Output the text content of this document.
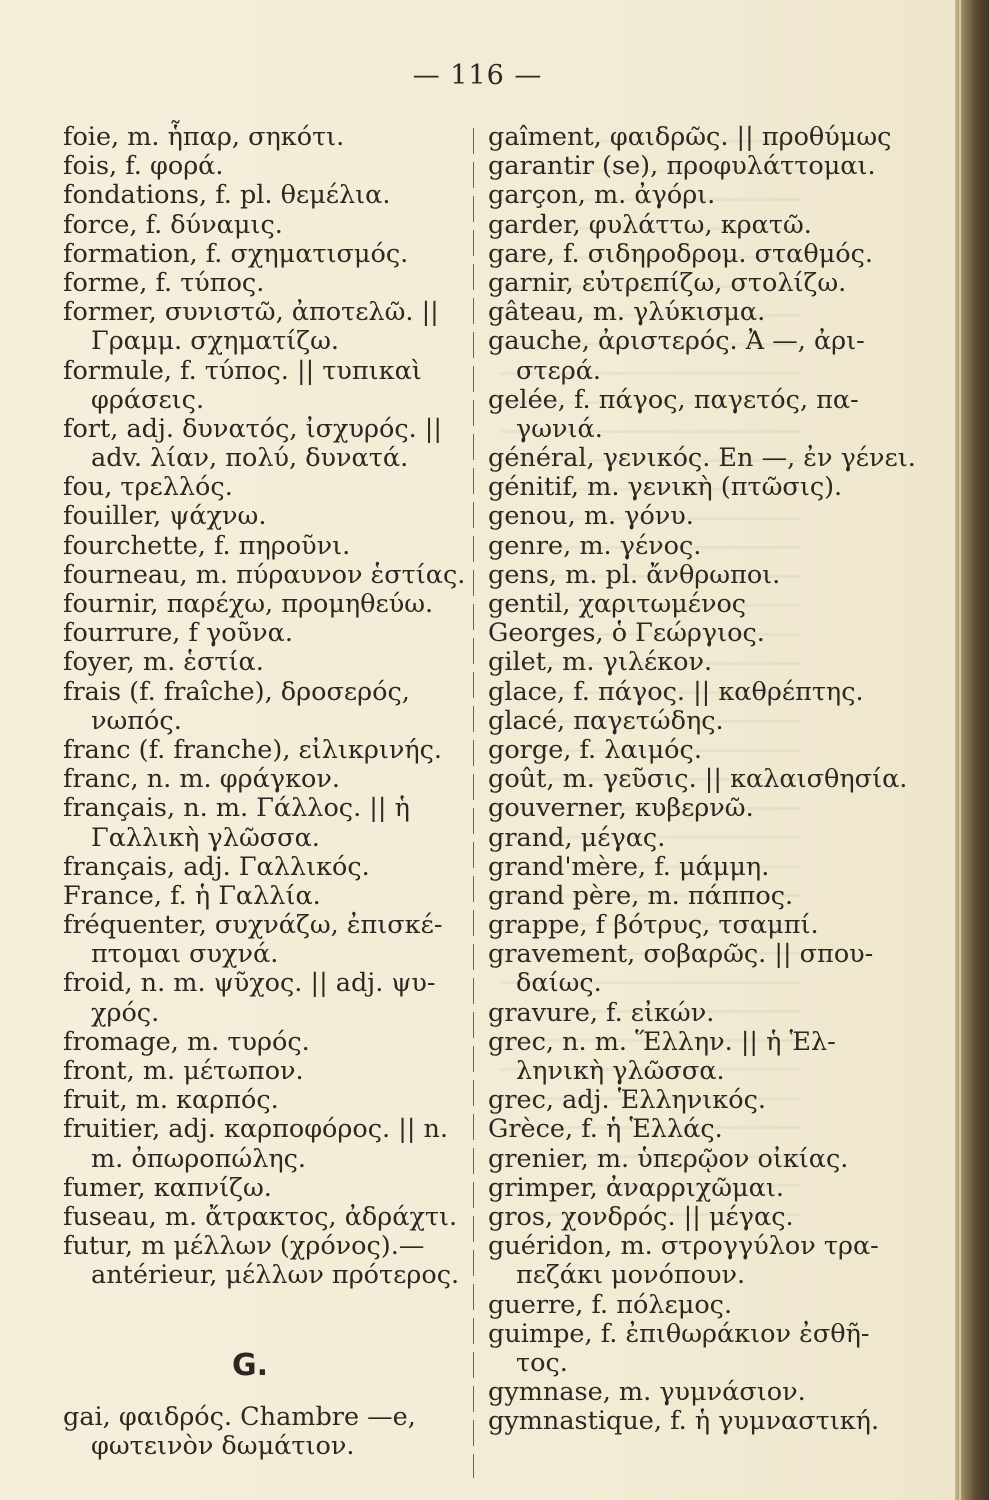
— 116 —
foie, m. ἧπαρ, σηκότι.
fois, f. φορά.
fondations, f. pl. θεμέλια.
force, f. δύναμις.
formation, f. σχηματισμός.
forme, f. τύπος.
former, συνιστῶ, ἀποτελῶ. ||
Γραμμ. σχηματίζω.
formule, f. τύπος. || τυπικαὶ
φράσεις.
fort, adj. δυνατός, ἰσχυρός. ||
adv. λίαν, πολύ, δυνατά.
fou, τρελλός.
fouiller, ψάχνω.
fourchette, f. πηροῦνι.
fourneau, m. πύραυνον ἑστίας.
fournir, παρέχω, προμηθεύω.
fourrure, f γοῦνα.
foyer, m. ἑστία.
frais (f. fraîche), δροσερός,
νωπός.
franc (f. franche), εἰλικρινής.
franc, n. m. φράγκον.
français, n. m. Γάλλος. || ἡ
Γαλλικὴ γλῶσσα.
français, adj. Γαλλικός.
France, f. ἡ Γαλλία.
fréquenter, συχνάζω, ἐπισκέ-
πτομαι συχνά.
froid, n. m. ψῦχος. || adj. ψυ-
χρός.
fromage, m. τυρός.
front, m. μέτωπον.
fruit, m. καρπός.
fruitier, adj. καρποφόρος. || n.
m. ὀπωροπώλης.
fumer, καπνίζω.
fuseau, m. ἄτρακτος, ἀδράχτι.
futur, m μέλλων (χρόνος).—
antérieur, μέλλων πρότερος.
G.
gai, φαιδρός. Chambre —e,
φωτεινὸν δωμάτιον.
gaîment, φαιδρῶς. || προθύμως
garantir (se), προφυλάττομαι.
garçon, m. ἀγόρι.
garder, φυλάττω, κρατῶ.
gare, f. σιδηροδρομ. σταθμός.
garnir, εὐτρεπίζω, στολίζω.
gâteau, m. γλύκισμα.
gauche, ἀριστερός. Ἀ —, ἀρι-
στερά.
gelée, f. πάγος, παγετός, πα-
γωνιά.
général, γενικός. En —, ἐν γένει.
génitif, m. γενικὴ (πτῶσις).
genou, m. γόνυ.
genre, m. γένος.
gens, m. pl. ἄνθρωποι.
gentil, χαριτωμένος
Georges, ὁ Γεώργιος.
gilet, m. γιλέκον.
glace, f. πάγος. || καθρέπτης.
glacé, παγετώδης.
gorge, f. λαιμός.
goût, m. γεῦσις. || καλαισθησία.
gouverner, κυβερνῶ.
grand, μέγας.
grand'mère, f. μάμμη.
grand père, m. πάππος.
grappe, f βότρυς, τσαμπί.
gravement, σοβαρῶς. || σπου-
δαίως.
gravure, f. εἰκών.
grec, n. m. Ἕλλην. || ἡ Ἑλ-
ληνικὴ γλῶσσα.
grec, adj. Ἑλληνικός.
Grèce, f. ἡ Ἑλλάς.
grenier, m. ὑπερῷον οἰκίας.
grimper, ἀναρριχῶμαι.
gros, χονδρός. || μέγας.
guéridon, m. στρογγύλον τρα-
πεζάκι μονόπουν.
guerre, f. πόλεμος.
guimpe, f. ἐπιθωράκιον ἐσθῆ-
τος.
gymnase, m. γυμνάσιον.
gymnastique, f. ἡ γυμναστική.
